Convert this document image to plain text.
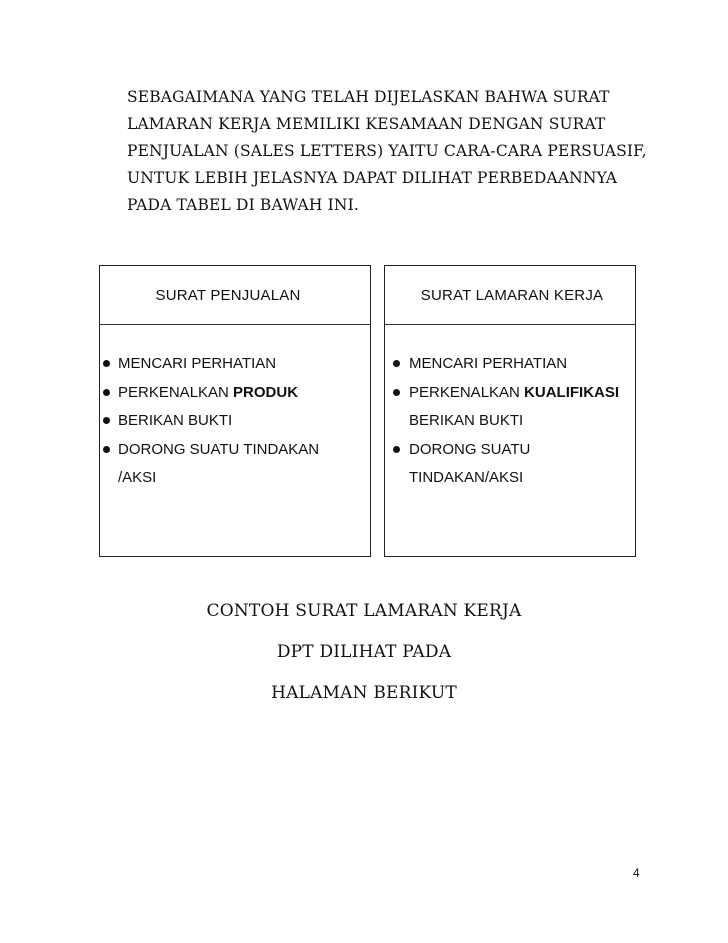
SEBAGAIMANA YANG TELAH DIJELASKAN BAHWA SURAT
LAMARAN KERJA MEMILIKI KESAMAAN DENGAN SURAT
PENJUALAN (SALES LETTERS) YAITU CARA-CARA PERSUASIF,
UNTUK LEBIH JELASNYA DAPAT DILIHAT PERBEDAANNYA
PADA TABEL DI BAWAH INI.

SURAT PENJUALAN
MENCARI PERHATIAN
PERKENALKAN PRODUK
BERIKAN BUKTI
DORONG SUATU TINDAKAN
/AKSI
SURAT LAMARAN KERJA
MENCARI PERHATIAN
PERKENALKAN KUALIFIKASI
BERIKAN BUKTI
DORONG SUATU
TINDAKAN/AKSI
CONTOH SURAT LAMARAN KERJA
DPT DILIHAT PADA
HALAMAN BERIKUT
4
